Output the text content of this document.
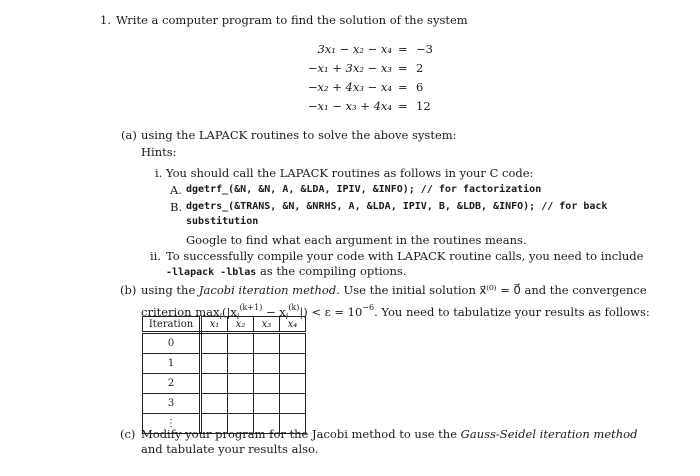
1. Write a computer program to find the solution of the system
3x₁ − x₂ − x₄ = −3
−x₁ + 3x₂ − x₃ = 2
−x₂ + 4x₃ − x₄ = 6
−x₁ − x₃ + 4x₄ = 12
(a) using the LAPACK routines to solve the above system:
Hints:
i. You should call the LAPACK routines as follows in your C code:
A. dgetrf_(&N, &N, A, &LDA, IPIV, &INFO); // for factorization
B. dgetrs_(&TRANS, &N, &NRHS, A, &LDA, IPIV, B, &LDB, &INFO); // for back
substitution
Google to find what each argument in the routines means.
ii. To successfully compile your code with LAPACK routine calls, you need to include
-llapack -lblas as the compiling options.
(b) using the Jacobi iteration method. Use the initial solution x⃗⁽⁰⁾ = 0⃗ and the convergence
criterion $\max_i(|x_i^{(k+1)} - x_i^{(k)}|) < \varepsilon = 10^{-6}$. You need to tabulatize your results as follows:
Iteration	x₁	x₂	x₃	x₄
0				
1				
2				
3				
⋮				
(c) Modify your program for the Jacobi method to use the Gauss-Seidel iteration method
and tabulate your results also.
